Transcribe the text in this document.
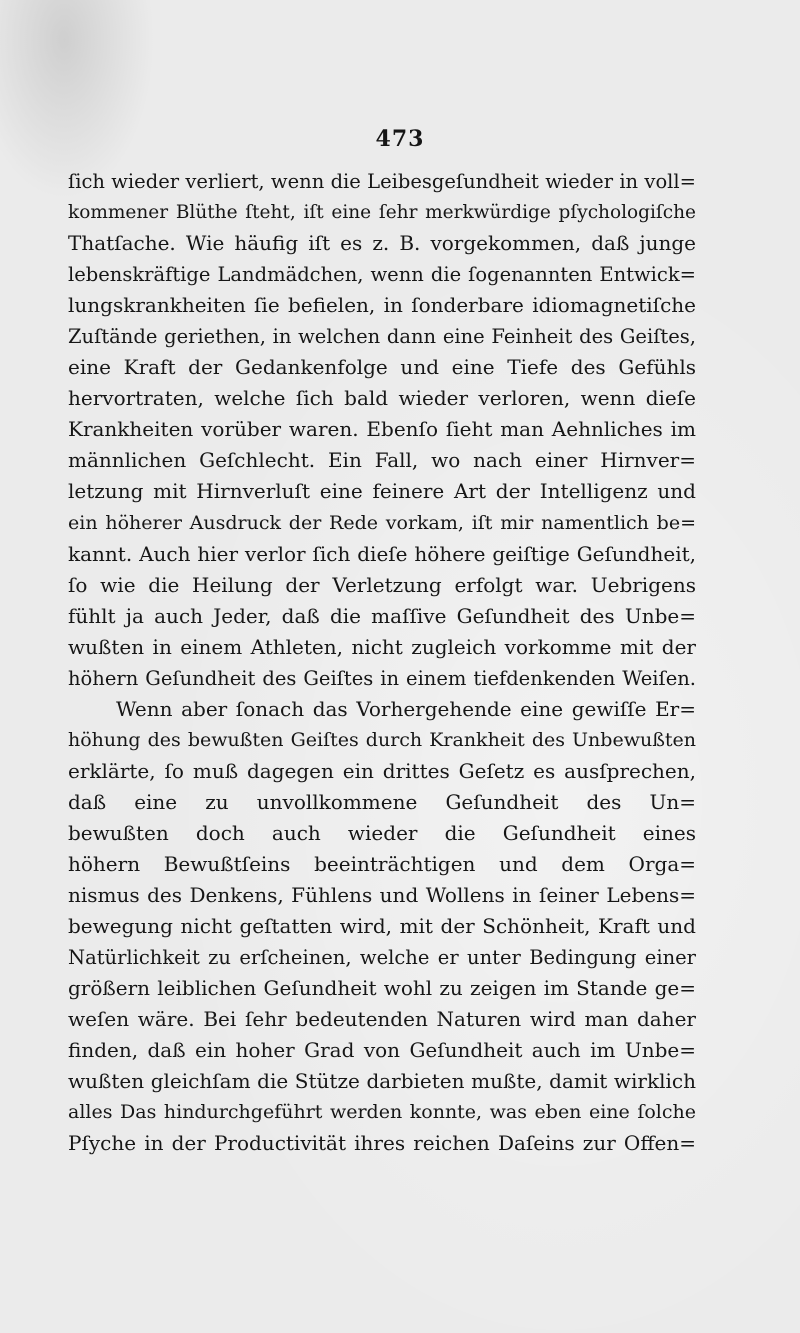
473
ſich wieder verliert, wenn die Leibesgeſundheit wieder in voll=
kommener Blüthe ſteht, iſt eine ſehr merkwürdige pſychologiſche
Thatſache. Wie häufig iſt es z. B. vorgekommen, daß junge
lebenskräftige Landmädchen, wenn die ſogenannten Entwick=
lungskrankheiten ſie befielen, in ſonderbare idiomagnetiſche
Zuſtände geriethen, in welchen dann eine Feinheit des Geiſtes,
eine Kraft der Gedankenfolge und eine Tiefe des Gefühls
hervortraten, welche ſich bald wieder verloren, wenn dieſe
Krankheiten vorüber waren. Ebenſo ſieht man Aehnliches im
männlichen Geſchlecht. Ein Fall, wo nach einer Hirnver=
letzung mit Hirnverluſt eine feinere Art der Intelligenz und
ein höherer Ausdruck der Rede vorkam, iſt mir namentlich be=
kannt. Auch hier verlor ſich dieſe höhere geiſtige Geſundheit,
ſo wie die Heilung der Verletzung erfolgt war. Uebrigens
fühlt ja auch Jeder, daß die maſſive Geſundheit des Unbe=
wußten in einem Athleten, nicht zugleich vorkomme mit der
höhern Geſundheit des Geiſtes in einem tiefdenkenden Weiſen.
Wenn aber ſonach das Vorhergehende eine gewiſſe Er=
höhung des bewußten Geiſtes durch Krankheit des Unbewußten
erklärte, ſo muß dagegen ein drittes Geſetz es ausſprechen,
daß eine zu unvollkommene Geſundheit des Un=
bewußten doch auch wieder die Geſundheit eines
höhern Bewußtſeins beeinträchtigen und dem Orga=
nismus des Denkens, Fühlens und Wollens in ſeiner Lebens=
bewegung nicht geſtatten wird, mit der Schönheit, Kraft und
Natürlichkeit zu erſcheinen, welche er unter Bedingung einer
größern leiblichen Geſundheit wohl zu zeigen im Stande ge=
weſen wäre. Bei ſehr bedeutenden Naturen wird man daher
finden, daß ein hoher Grad von Geſundheit auch im Unbe=
wußten gleichſam die Stütze darbieten mußte, damit wirklich
alles Das hindurchgeführt werden konnte, was eben eine ſolche
Pſyche in der Productivität ihres reichen Daſeins zur Offen=
